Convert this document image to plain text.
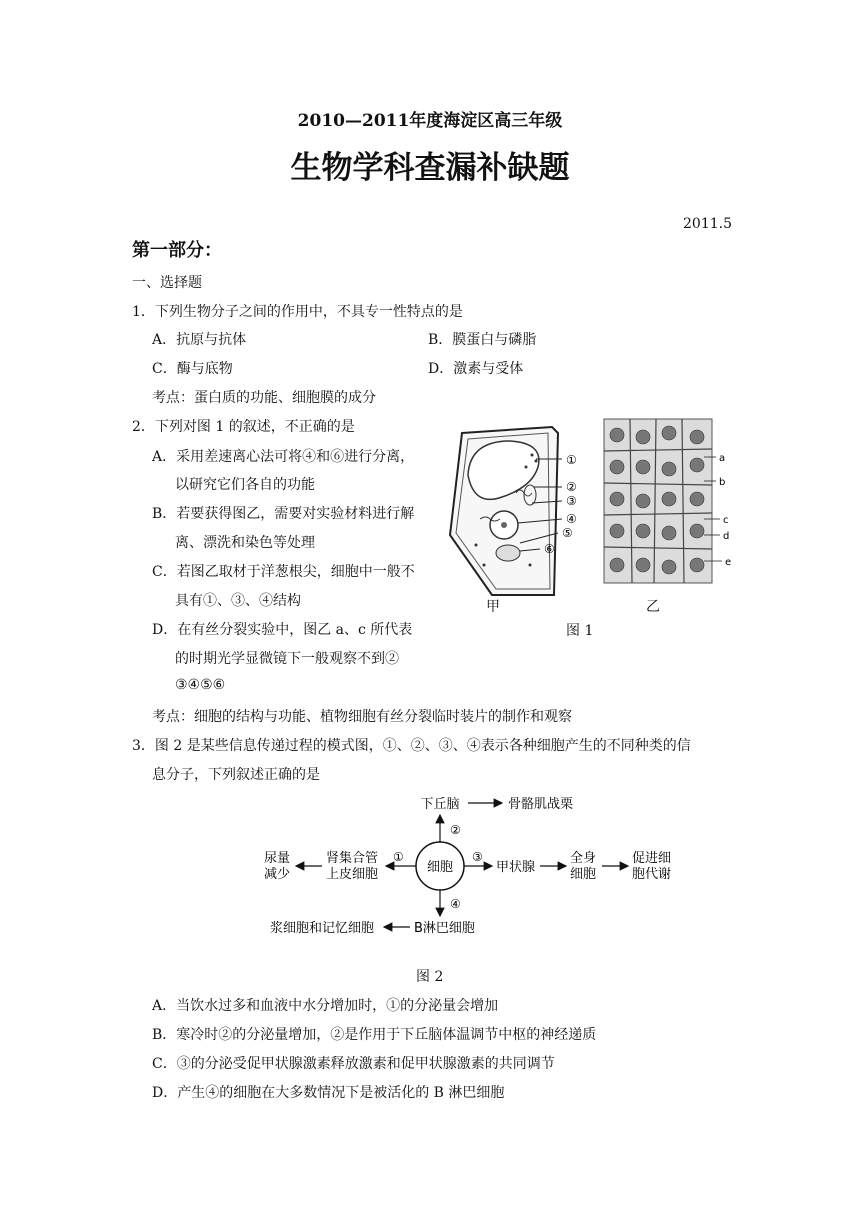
2010—2011年度海淀区高三年级
生物学科查漏补缺题
2011.5
第一部分：
一、选择题
1．下列生物分子之间的作用中，不具专一性特点的是
A．抗原与抗体	B．膜蛋白与磷脂
C．酶与底物	D．激素与受体
考点：蛋白质的功能、细胞膜的成分
2．下列对图 1 的叙述，不正确的是
A．采用差速离心法可将④和⑥进行分离，
以研究它们各自的功能
B．若要获得图乙，需要对实验材料进行解
离、漂洗和染色等处理
C．若图乙取材于洋葱根尖，细胞中一般不
具有①、③、④结构
D．在有丝分裂实验中，图乙 a、c 所代表
的时期光学显微镜下一般观察不到②
③④⑤⑥
考点：细胞的结构与功能、植物细胞有丝分裂临时装片的制作和观察
①
②
③
④
⑤
⑥
a
b
c
d
e
甲	乙
图 1
3．图 2 是某些信息传递过程的模式图，①、②、③、④表示各种细胞产生的不同种类的信
息分子，下列叙述正确的是
细胞
②
下丘脑	骨骼肌战栗
③
甲状腺
全身
细胞
促进细
胞代谢
①
肾集合管
上皮细胞
尿量
减少
④
B淋巴细胞
浆细胞和记忆细胞
图 2
A．当饮水过多和血液中水分增加时，①的分泌量会增加
B．寒冷时②的分泌量增加，②是作用于下丘脑体温调节中枢的神经递质
C．③的分泌受促甲状腺激素释放激素和促甲状腺激素的共同调节
D．产生④的细胞在大多数情况下是被活化的 B 淋巴细胞
